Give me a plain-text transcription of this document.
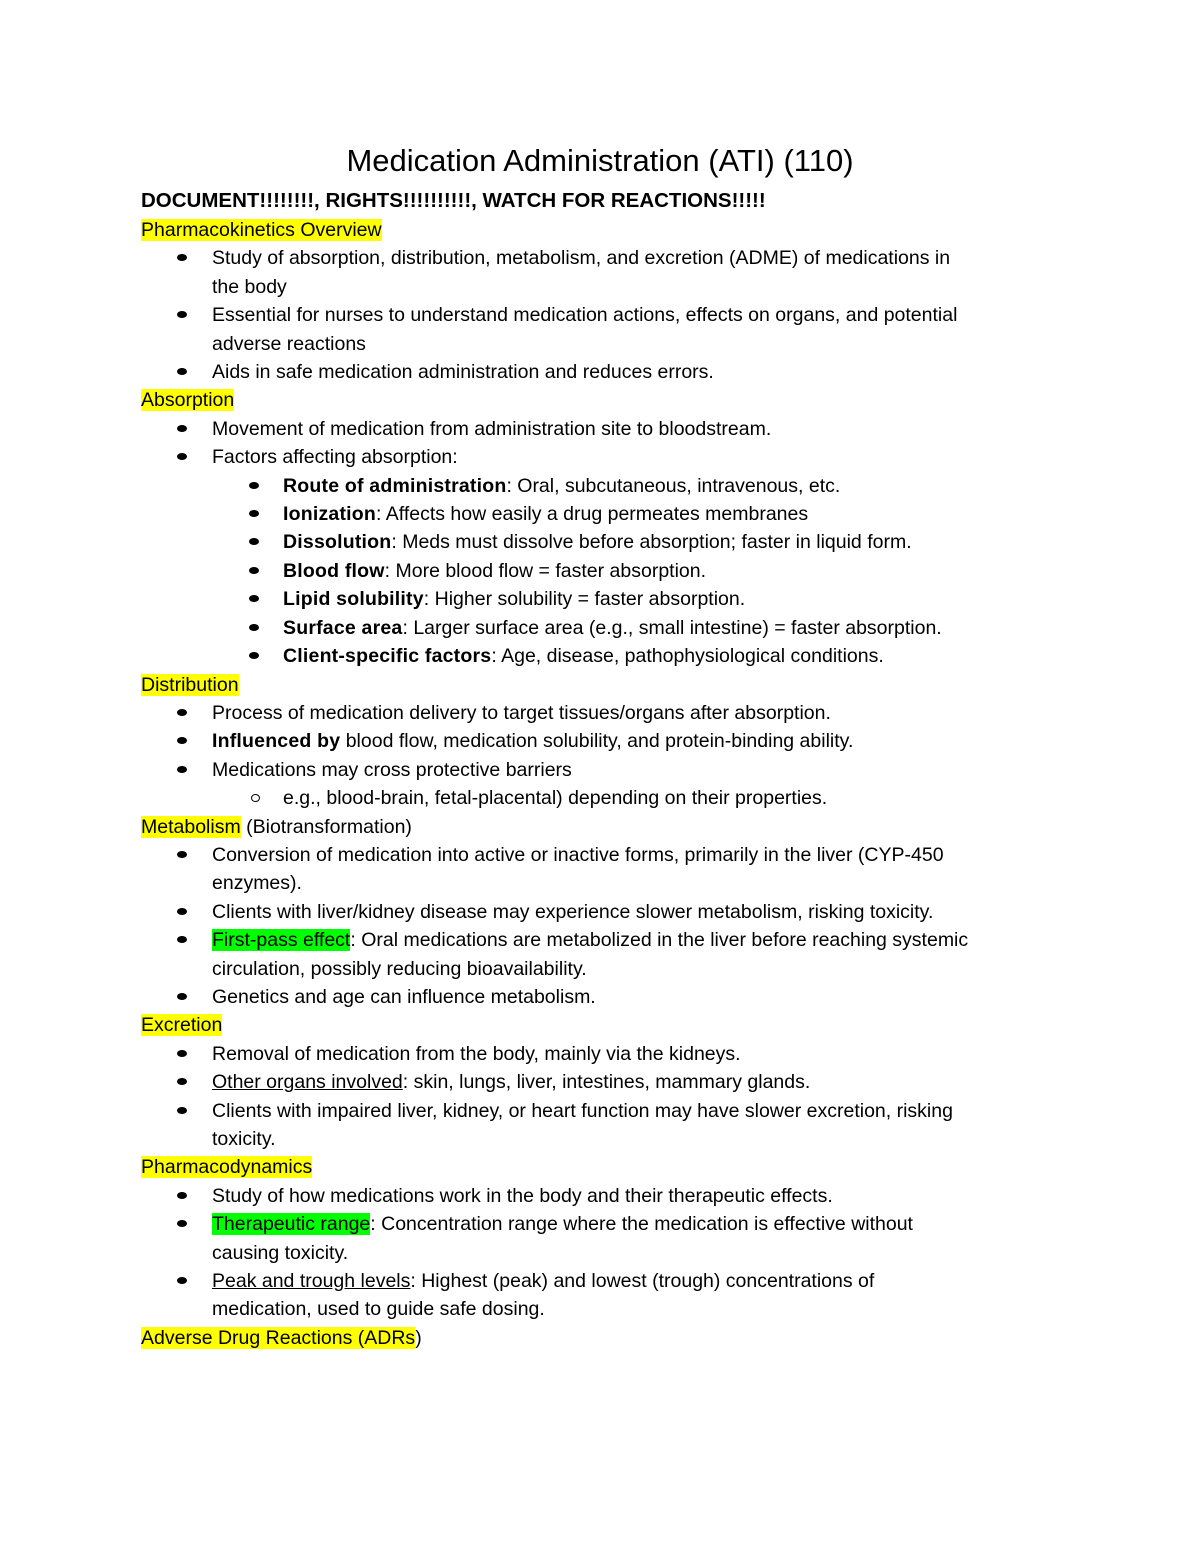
Medication Administration (ATI) (110)
DOCUMENT!!!!!!!!, RIGHTS!!!!!!!!!!, WATCH FOR REACTIONS!!!!!
Pharmacokinetics Overview
Study of absorption, distribution, metabolism, and excretion (ADME) of medications in
the body
Essential for nurses to understand medication actions, effects on organs, and potential
adverse reactions
Aids in safe medication administration and reduces errors.
Absorption
Movement of medication from administration site to bloodstream.
Factors affecting absorption:
Route of administration: Oral, subcutaneous, intravenous, etc.
Ionization: Affects how easily a drug permeates membranes
Dissolution: Meds must dissolve before absorption; faster in liquid form.
Blood flow: More blood flow = faster absorption.
Lipid solubility: Higher solubility = faster absorption.
Surface area: Larger surface area (e.g., small intestine) = faster absorption.
Client-specific factors: Age, disease, pathophysiological conditions.
Distribution
Process of medication delivery to target tissues/organs after absorption.
Influenced by blood flow, medication solubility, and protein-binding ability.
Medications may cross protective barriers
e.g., blood-brain, fetal-placental) depending on their properties.
Metabolism (Biotransformation)
Conversion of medication into active or inactive forms, primarily in the liver (CYP-450
enzymes).
Clients with liver/kidney disease may experience slower metabolism, risking toxicity.
First-pass effect: Oral medications are metabolized in the liver before reaching systemic
circulation, possibly reducing bioavailability.
Genetics and age can influence metabolism.
Excretion
Removal of medication from the body, mainly via the kidneys.
Other organs involved: skin, lungs, liver, intestines, mammary glands.
Clients with impaired liver, kidney, or heart function may have slower excretion, risking
toxicity.
Pharmacodynamics
Study of how medications work in the body and their therapeutic effects.
Therapeutic range: Concentration range where the medication is effective without
causing toxicity.
Peak and trough levels: Highest (peak) and lowest (trough) concentrations of
medication, used to guide safe dosing.
Adverse Drug Reactions (ADRs)
